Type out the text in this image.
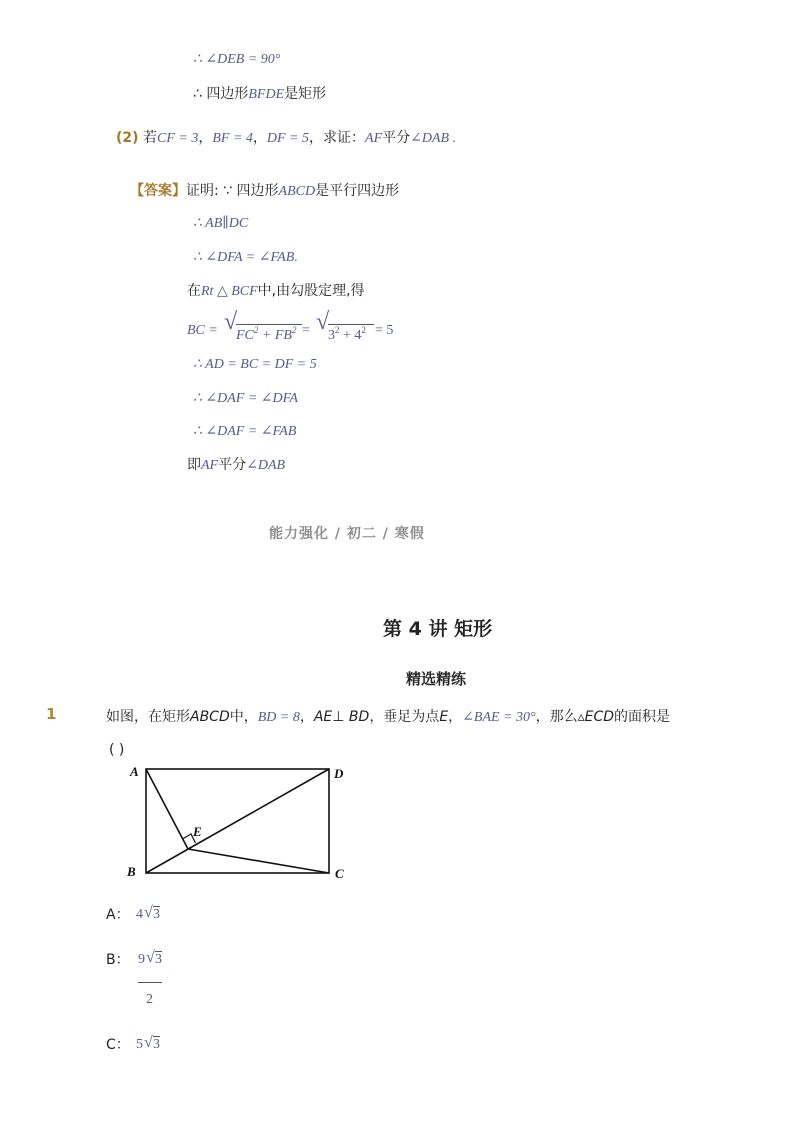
∴ ∠DEB = 90°
∴ 四边形BFDE是矩形
(2) 若CF = 3，BF = 4，DF = 5，求证：AF平分∠DAB .
【答案】证明: ∵ 四边形ABCD是平行四边形
∴ AB∥DC
∴ ∠DFA = ∠FAB.
在Rt △ BCF中,由勾股定理,得
BC = √
$FC^2 + FB^2$ = √
$3^2 + 4^2 = 5$
∴ AD = BC = DF = 5
∴ ∠DAF = ∠DFA
∴ ∠DAF = ∠FAB
即AF平分∠DAB
能力强化 / 初二 / 寒假
第 4 讲 矩形
精选精练
1	如图，在矩形ABCD中，BD = 8，AE⊥ BD，垂足为点E，∠BAE = 30°，那么▵ECD的面积是
( )
A	D
B	C
E
A： 4 √ 3
B： 9 √ 3
2
C： 5 √ 3
